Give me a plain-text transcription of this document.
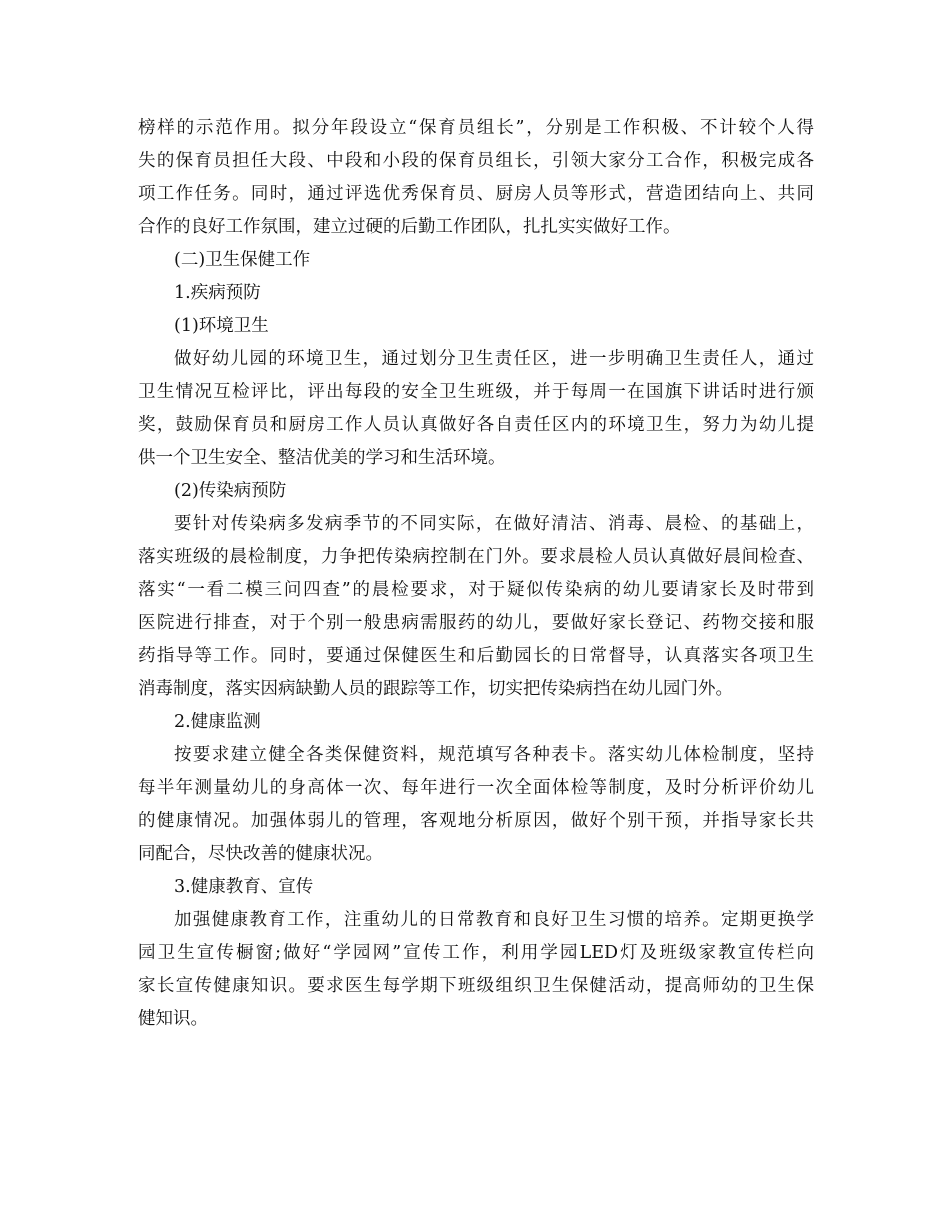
榜样的示范作用。拟分年段设立“保育员组长”，分别是工作积极、不计较个人得

失的保育员担任大段、中段和小段的保育员组长，引领大家分工合作，积极完成各

项工作任务。同时，通过评选优秀保育员、厨房人员等形式，营造团结向上、共同

合作的良好工作氛围，建立过硬的后勤工作团队，扎扎实实做好工作。

(二)卫生保健工作

1.疾病预防

(1)环境卫生

做好幼儿园的环境卫生，通过划分卫生责任区，进一步明确卫生责任人，通过

卫生情况互检评比，评出每段的安全卫生班级，并于每周一在国旗下讲话时进行颁

奖，鼓励保育员和厨房工作人员认真做好各自责任区内的环境卫生，努力为幼儿提

供一个卫生安全、整洁优美的学习和生活环境。

(2)传染病预防

要针对传染病多发病季节的不同实际，在做好清洁、消毒、晨检、的基础上，

落实班级的晨检制度，力争把传染病控制在门外。要求晨检人员认真做好晨间检查、

落实“一看二模三问四查”的晨检要求，对于疑似传染病的幼儿要请家长及时带到

医院进行排查，对于个别一般患病需服药的幼儿，要做好家长登记、药物交接和服

药指导等工作。同时，要通过保健医生和后勤园长的日常督导，认真落实各项卫生

消毒制度，落实因病缺勤人员的跟踪等工作，切实把传染病挡在幼儿园门外。

2.健康监测

按要求建立健全各类保健资料，规范填写各种表卡。落实幼儿体检制度，坚持

每半年测量幼儿的身高体一次、每年进行一次全面体检等制度，及时分析评价幼儿

的健康情况。加强体弱儿的管理，客观地分析原因，做好个别干预，并指导家长共

同配合，尽快改善的健康状况。

3.健康教育、宣传

加强健康教育工作，注重幼儿的日常教育和良好卫生习惯的培养。定期更换学

园卫生宣传橱窗;做好“学园网”宣传工作，利用学园LED灯及班级家教宣传栏向

家长宣传健康知识。要求医生每学期下班级组织卫生保健活动，提高师幼的卫生保

健知识。
